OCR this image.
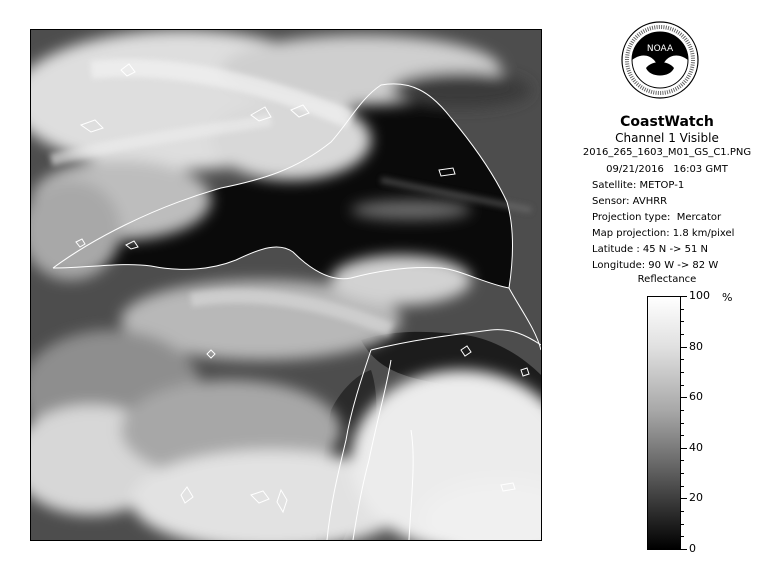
NOAA
CoastWatch
Channel 1 Visible
2016_265_1603_M01_GS_C1.PNG
09/21/2016   16:03 GMT
Satellite: METOP-1
Sensor: AVHRR
Projection type:  Mercator
Map projection: 1.8 km/pixel
Latitude : 45 N -> 51 N
Longitude: 90 W -> 82 W
Reflectance
%
100
80
60
40
20
0
